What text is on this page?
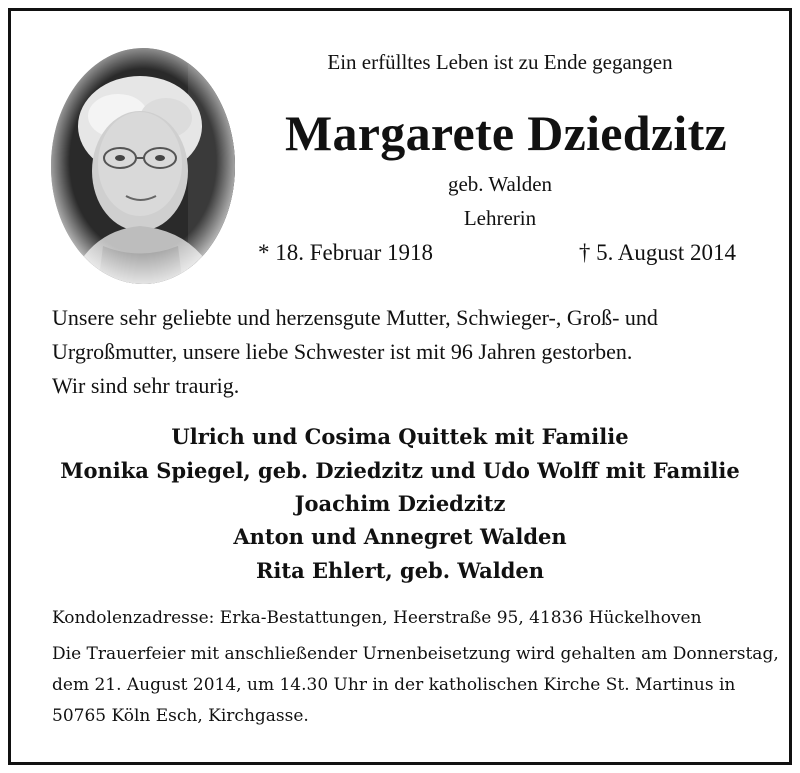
Ein erfülltes Leben ist zu Ende gegangen
Margarete Dziedzitz
geb. Walden
Lehrerin
* 18. Februar 1918	† 5. August 2014
Unsere sehr geliebte und herzensgute Mutter, Schwieger-, Groß- und
Urgroßmutter, unsere liebe Schwester ist mit 96 Jahren gestorben.
Wir sind sehr traurig.
Ulrich und Cosima Quittek mit Familie
Monika Spiegel, geb. Dziedzitz und Udo Wolff mit Familie
Joachim Dziedzitz
Anton und Annegret Walden
Rita Ehlert, geb. Walden
Kondolenzadresse: Erka-Bestattungen, Heerstraße 95, 41836 Hückelhoven
Die Trauerfeier mit anschließender Urnenbeisetzung wird gehalten am Donnerstag,
dem 21. August 2014, um 14.30 Uhr in der katholischen Kirche St. Martinus in
50765 Köln Esch, Kirchgasse.
